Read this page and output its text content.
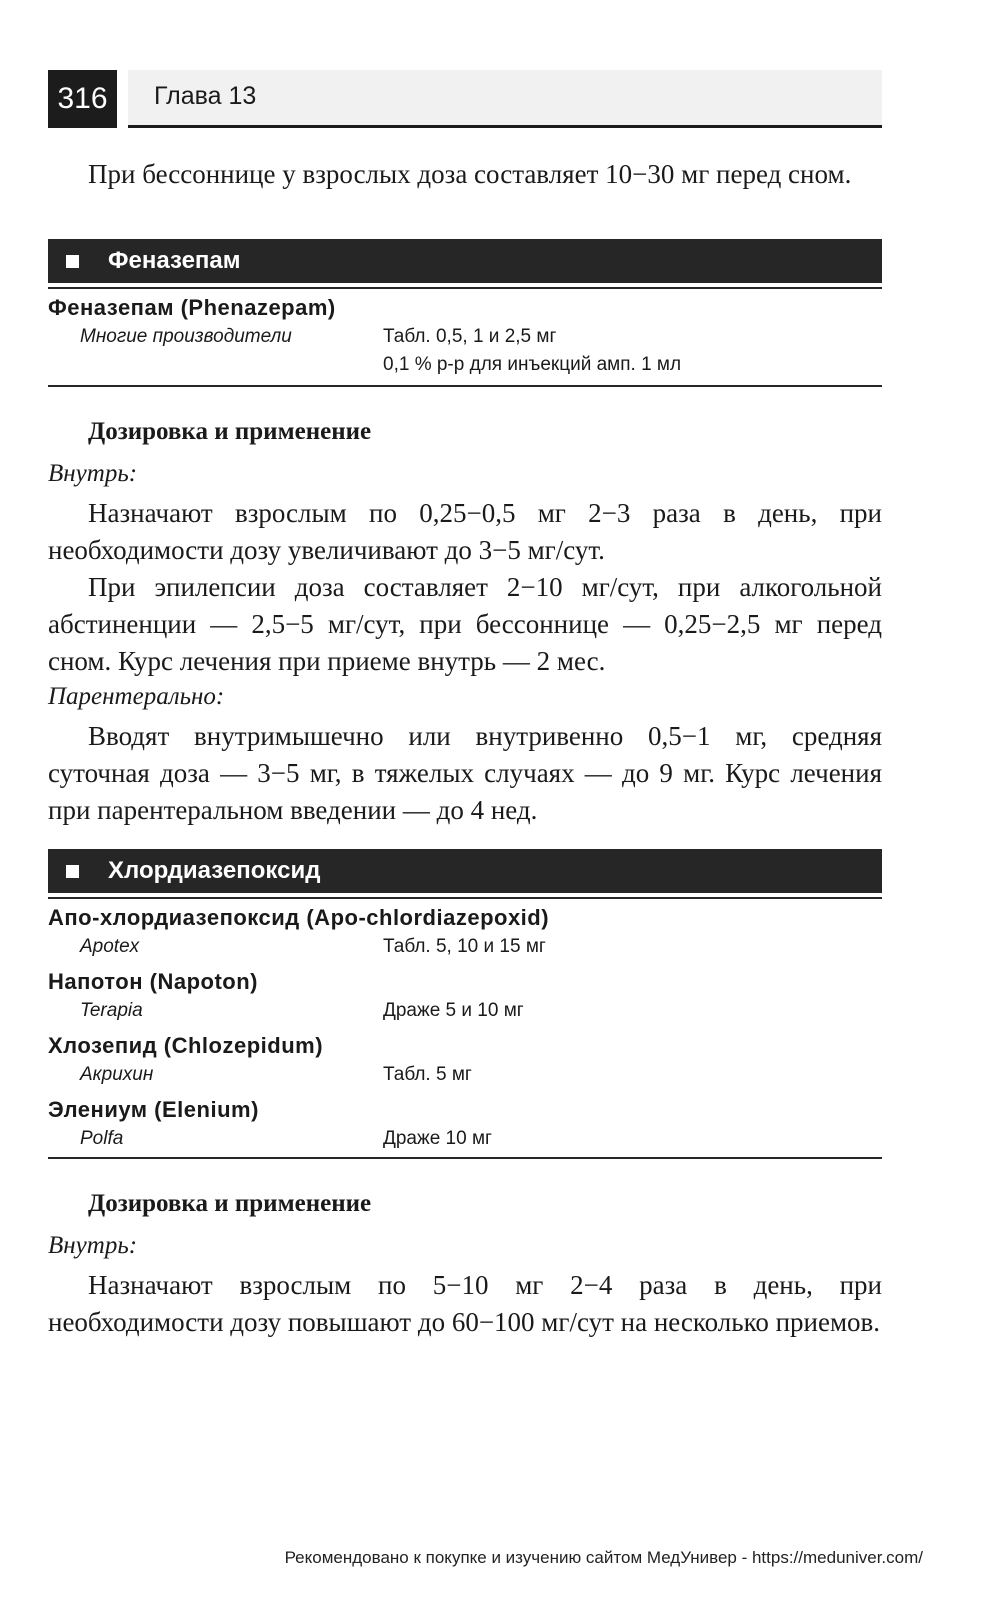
316	Глава 13

При бессоннице у взрослых доза составляет 10−30 мг перед сном.

Феназепам
Феназепам (Phenazepam)
Многие производители	Табл. 0,5, 1 и 2,5 мг
0,1 % р-р для инъекций амп. 1 мл
Дозировка и применение
Внутрь:

Назначают взрослым по 0,25−0,5 мг 2−3 раза в день, при необходимости дозу увеличивают до 3−5 мг/сут.

При эпилепсии доза составляет 2−10 мг/сут, при алкогольной абстиненции — 2,5−5 мг/сут, при бессоннице — 0,25−2,5 мг перед сном. Курс лечения при приеме внутрь — 2 мес.

Парентерально:

Вводят внутримышечно или внутривенно 0,5−1 мг, средняя суточная доза — 3−5 мг, в тяжелых случаях — до 9 мг. Курс лечения при парентеральном введении — до 4 нед.

Хлордиазепоксид
Апо-хлордиазепоксид (Apo-chlordiazepoxid)
Apotex	Табл. 5, 10 и 15 мг
Напотон (Napoton)
Terapia	Драже 5 и 10 мг
Хлозепид (Chlozepidum)
Акрихин	Табл. 5 мг
Элениум (Elenium)
Polfa	Драже 10 мг
Дозировка и применение
Внутрь:

Назначают взрослым по 5−10 мг 2−4 раза в день, при необходимости дозу повышают до 60−100 мг/сут на несколько приемов.

Рекомендовано к покупке и изучению сайтом МедУнивер - https://meduniver.com/
